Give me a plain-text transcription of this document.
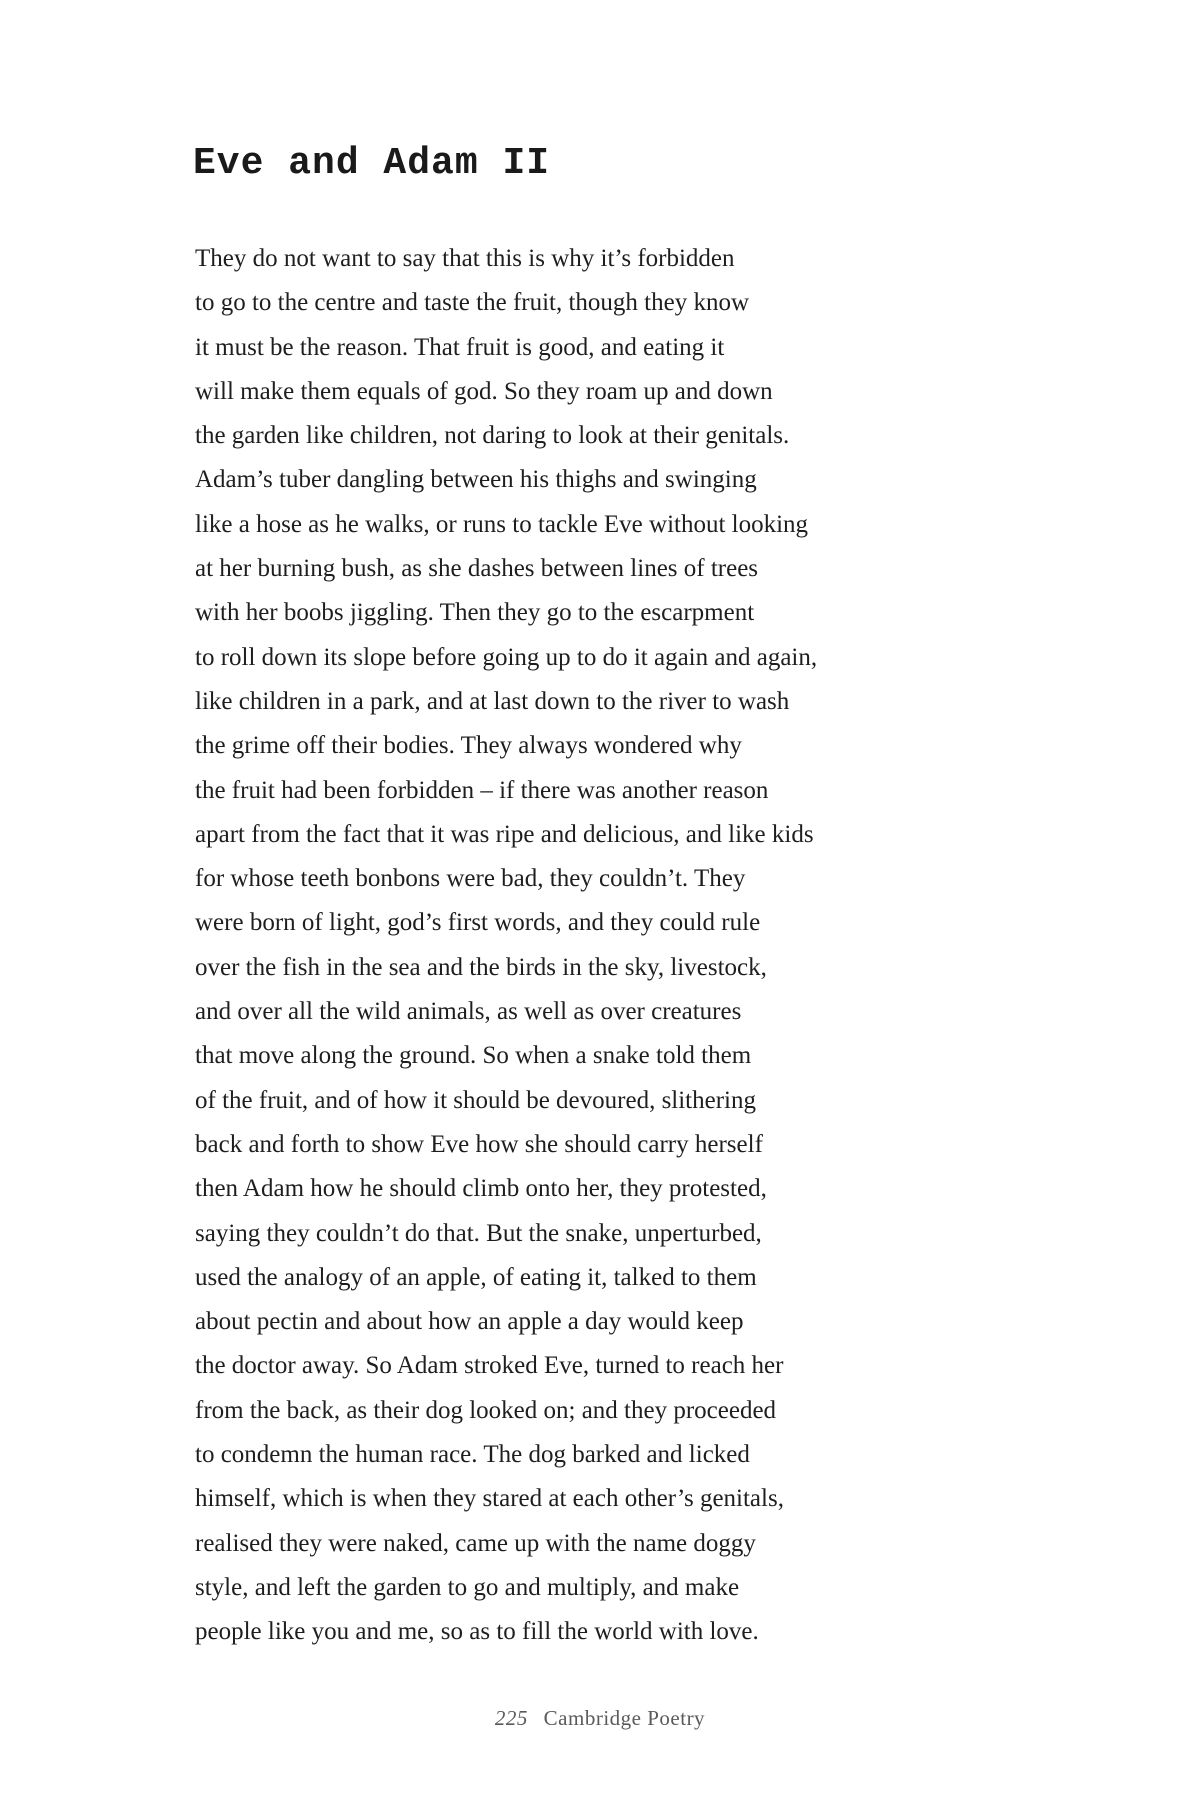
Eve and Adam II
They do not want to say that this is why it’s forbidden
to go to the centre and taste the fruit, though they know
it must be the reason. That fruit is good, and eating it
will make them equals of god. So they roam up and down
the garden like children, not daring to look at their genitals.
Adam’s tuber dangling between his thighs and swinging
like a hose as he walks, or runs to tackle Eve without looking
at her burning bush, as she dashes between lines of trees
with her boobs jiggling. Then they go to the escarpment
to roll down its slope before going up to do it again and again,
like children in a park, and at last down to the river to wash
the grime off their bodies. They always wondered why
the fruit had been forbidden – if there was another reason
apart from the fact that it was ripe and delicious, and like kids
for whose teeth bonbons were bad, they couldn’t. They
were born of light, god’s first words, and they could rule
over the fish in the sea and the birds in the sky, livestock,
and over all the wild animals, as well as over creatures
that move along the ground. So when a snake told them
of the fruit, and of how it should be devoured, slithering
back and forth to show Eve how she should carry herself
then Adam how he should climb onto her, they protested,
saying they couldn’t do that. But the snake, unperturbed,
used the analogy of an apple, of eating it, talked to them
about pectin and about how an apple a day would keep
the doctor away. So Adam stroked Eve, turned to reach her
from the back, as their dog looked on; and they proceeded
to condemn the human race. The dog barked and licked
himself, which is when they stared at each other’s genitals,
realised they were naked, came up with the name doggy
style, and left the garden to go and multiply, and make
people like you and me, so as to fill the world with love.
225 Cambridge Poetry
